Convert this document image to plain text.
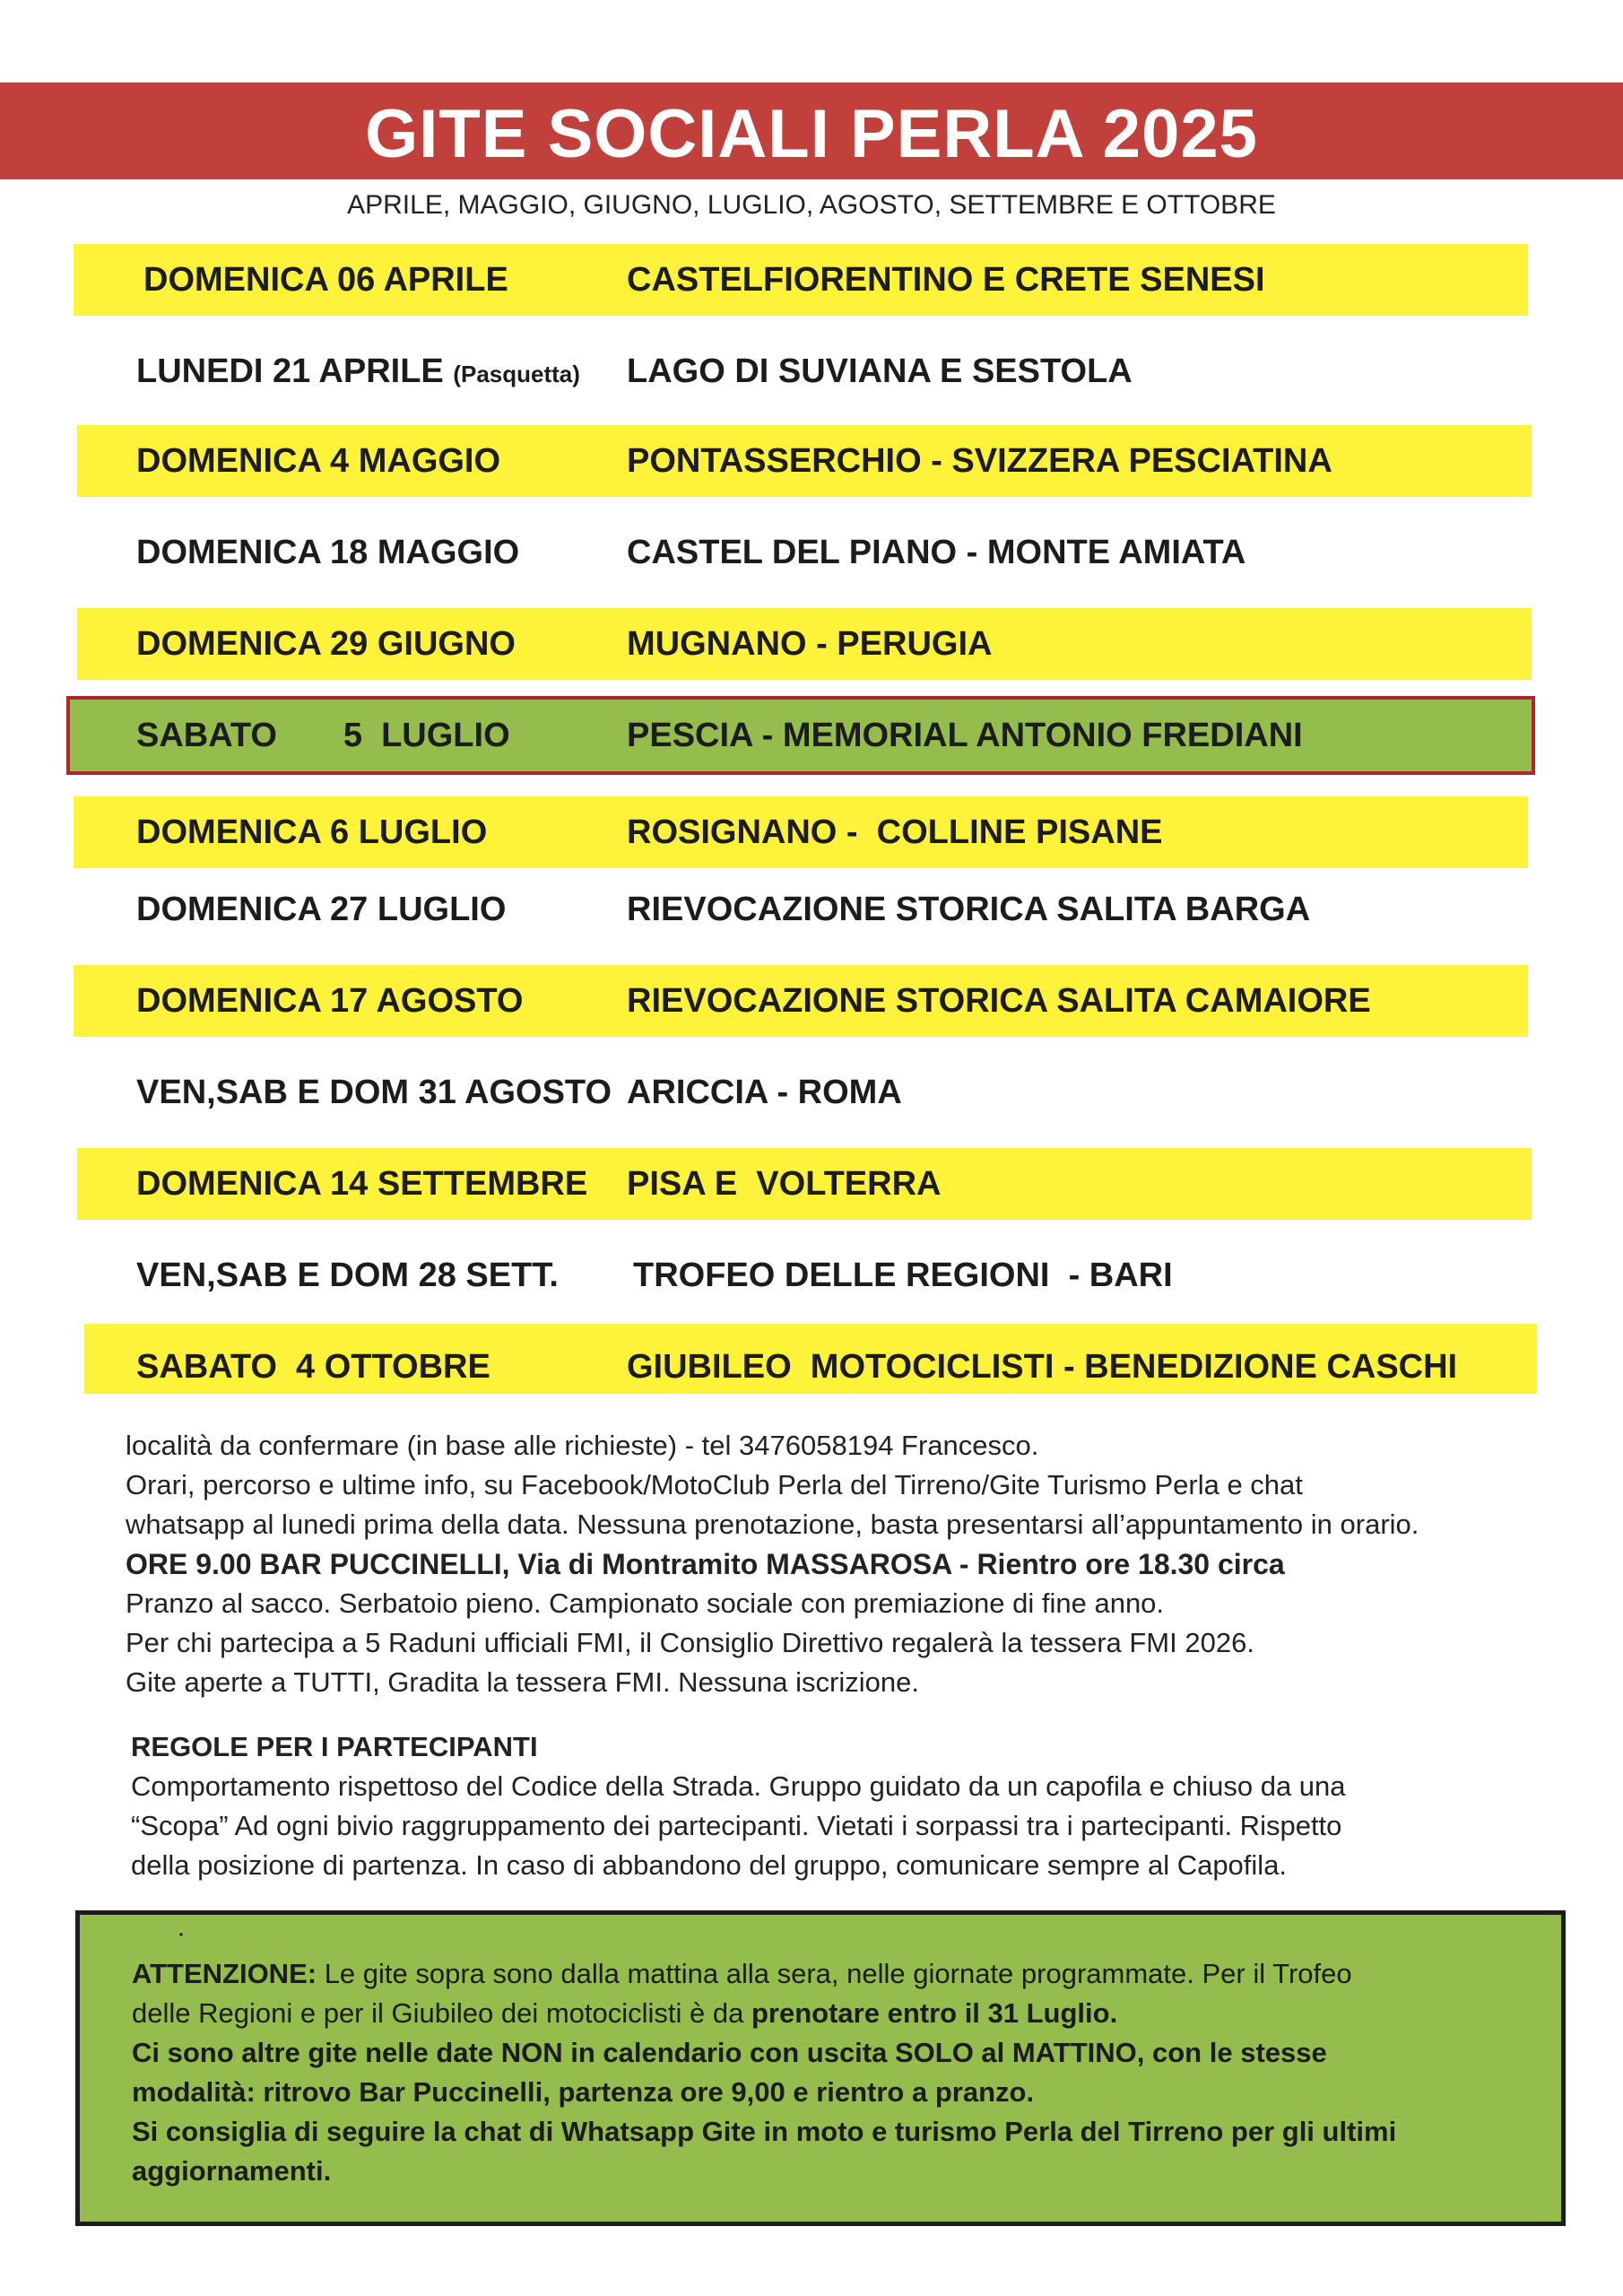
GITE SOCIALI PERLA 2025
APRILE, MAGGIO, GIUGNO, LUGLIO, AGOSTO, SETTEMBRE E OTTOBRE
DOMENICA 06 APRILE	CASTELFIORENTINO E CRETE SENESI
LUNEDI 21 APRILE (Pasquetta) LAGO DI SUVIANA E SESTOLA
DOMENICA 4 MAGGIO	PONTASSERCHIO - SVIZZERA PESCIATINA
DOMENICA 18 MAGGIO	CASTEL DEL PIANO - MONTE AMIATA
DOMENICA 29 GIUGNO	MUGNANO - PERUGIA
SABATO       5  LUGLIO	PESCIA - MEMORIAL ANTONIO FREDIANI
DOMENICA 6 LUGLIO	ROSIGNANO -  COLLINE PISANE
DOMENICA 27 LUGLIO	RIEVOCAZIONE STORICA SALITA BARGA
DOMENICA 17 AGOSTO	RIEVOCAZIONE STORICA SALITA CAMAIORE
VEN,SAB E DOM 31 AGOSTO ARICCIA - ROMA
DOMENICA 14 SETTEMBRE PISA E  VOLTERRA
VEN,SAB E DOM 28 SETT. TROFEO DELLE REGIONI  - BARI
SABATO  4 OTTOBRE	GIUBILEO  MOTOCICLISTI - BENEDIZIONE CASCHI

località da confermare (in base alle richieste) - tel 3476058194 Francesco.

Orari, percorso e ultime info, su Facebook/MotoClub Perla del Tirreno/Gite Turismo Perla e chat

whatsapp al lunedi prima della data. Nessuna prenotazione, basta presentarsi all’appuntamento in orario.

ORE 9.00 BAR PUCCINELLI, Via di Montramito MASSAROSA - Rientro ore 18.30 circa

Pranzo al sacco. Serbatoio pieno. Campionato sociale con premiazione di fine anno.

Per chi partecipa a 5 Raduni ufficiali FMI, il Consiglio Direttivo regalerà la tessera FMI 2026.

Gite aperte a TUTTI, Gradita la tessera FMI. Nessuna iscrizione.

REGOLE PER I PARTECIPANTI

Comportamento rispettoso del Codice della Strada. Gruppo guidato da un capofila e chiuso da una

“Scopa” Ad ogni bivio raggruppamento dei partecipanti. Vietati i sorpassi tra i partecipanti. Rispetto

della posizione di partenza. In caso di abbandono del gruppo, comunicare sempre al Capofila.

·

ATTENZIONE: Le gite sopra sono dalla mattina alla sera, nelle giornate programmate. Per il Trofeo

delle Regioni e per il Giubileo dei motociclisti è da prenotare entro il 31 Luglio.

Ci sono altre gite nelle date NON in calendario con uscita SOLO al MATTINO, con le stesse

modalità: ritrovo Bar Puccinelli, partenza ore 9,00 e rientro a pranzo.

Si consiglia di seguire la chat di Whatsapp Gite in moto e turismo Perla del Tirreno per gli ultimi

aggiornamenti.
